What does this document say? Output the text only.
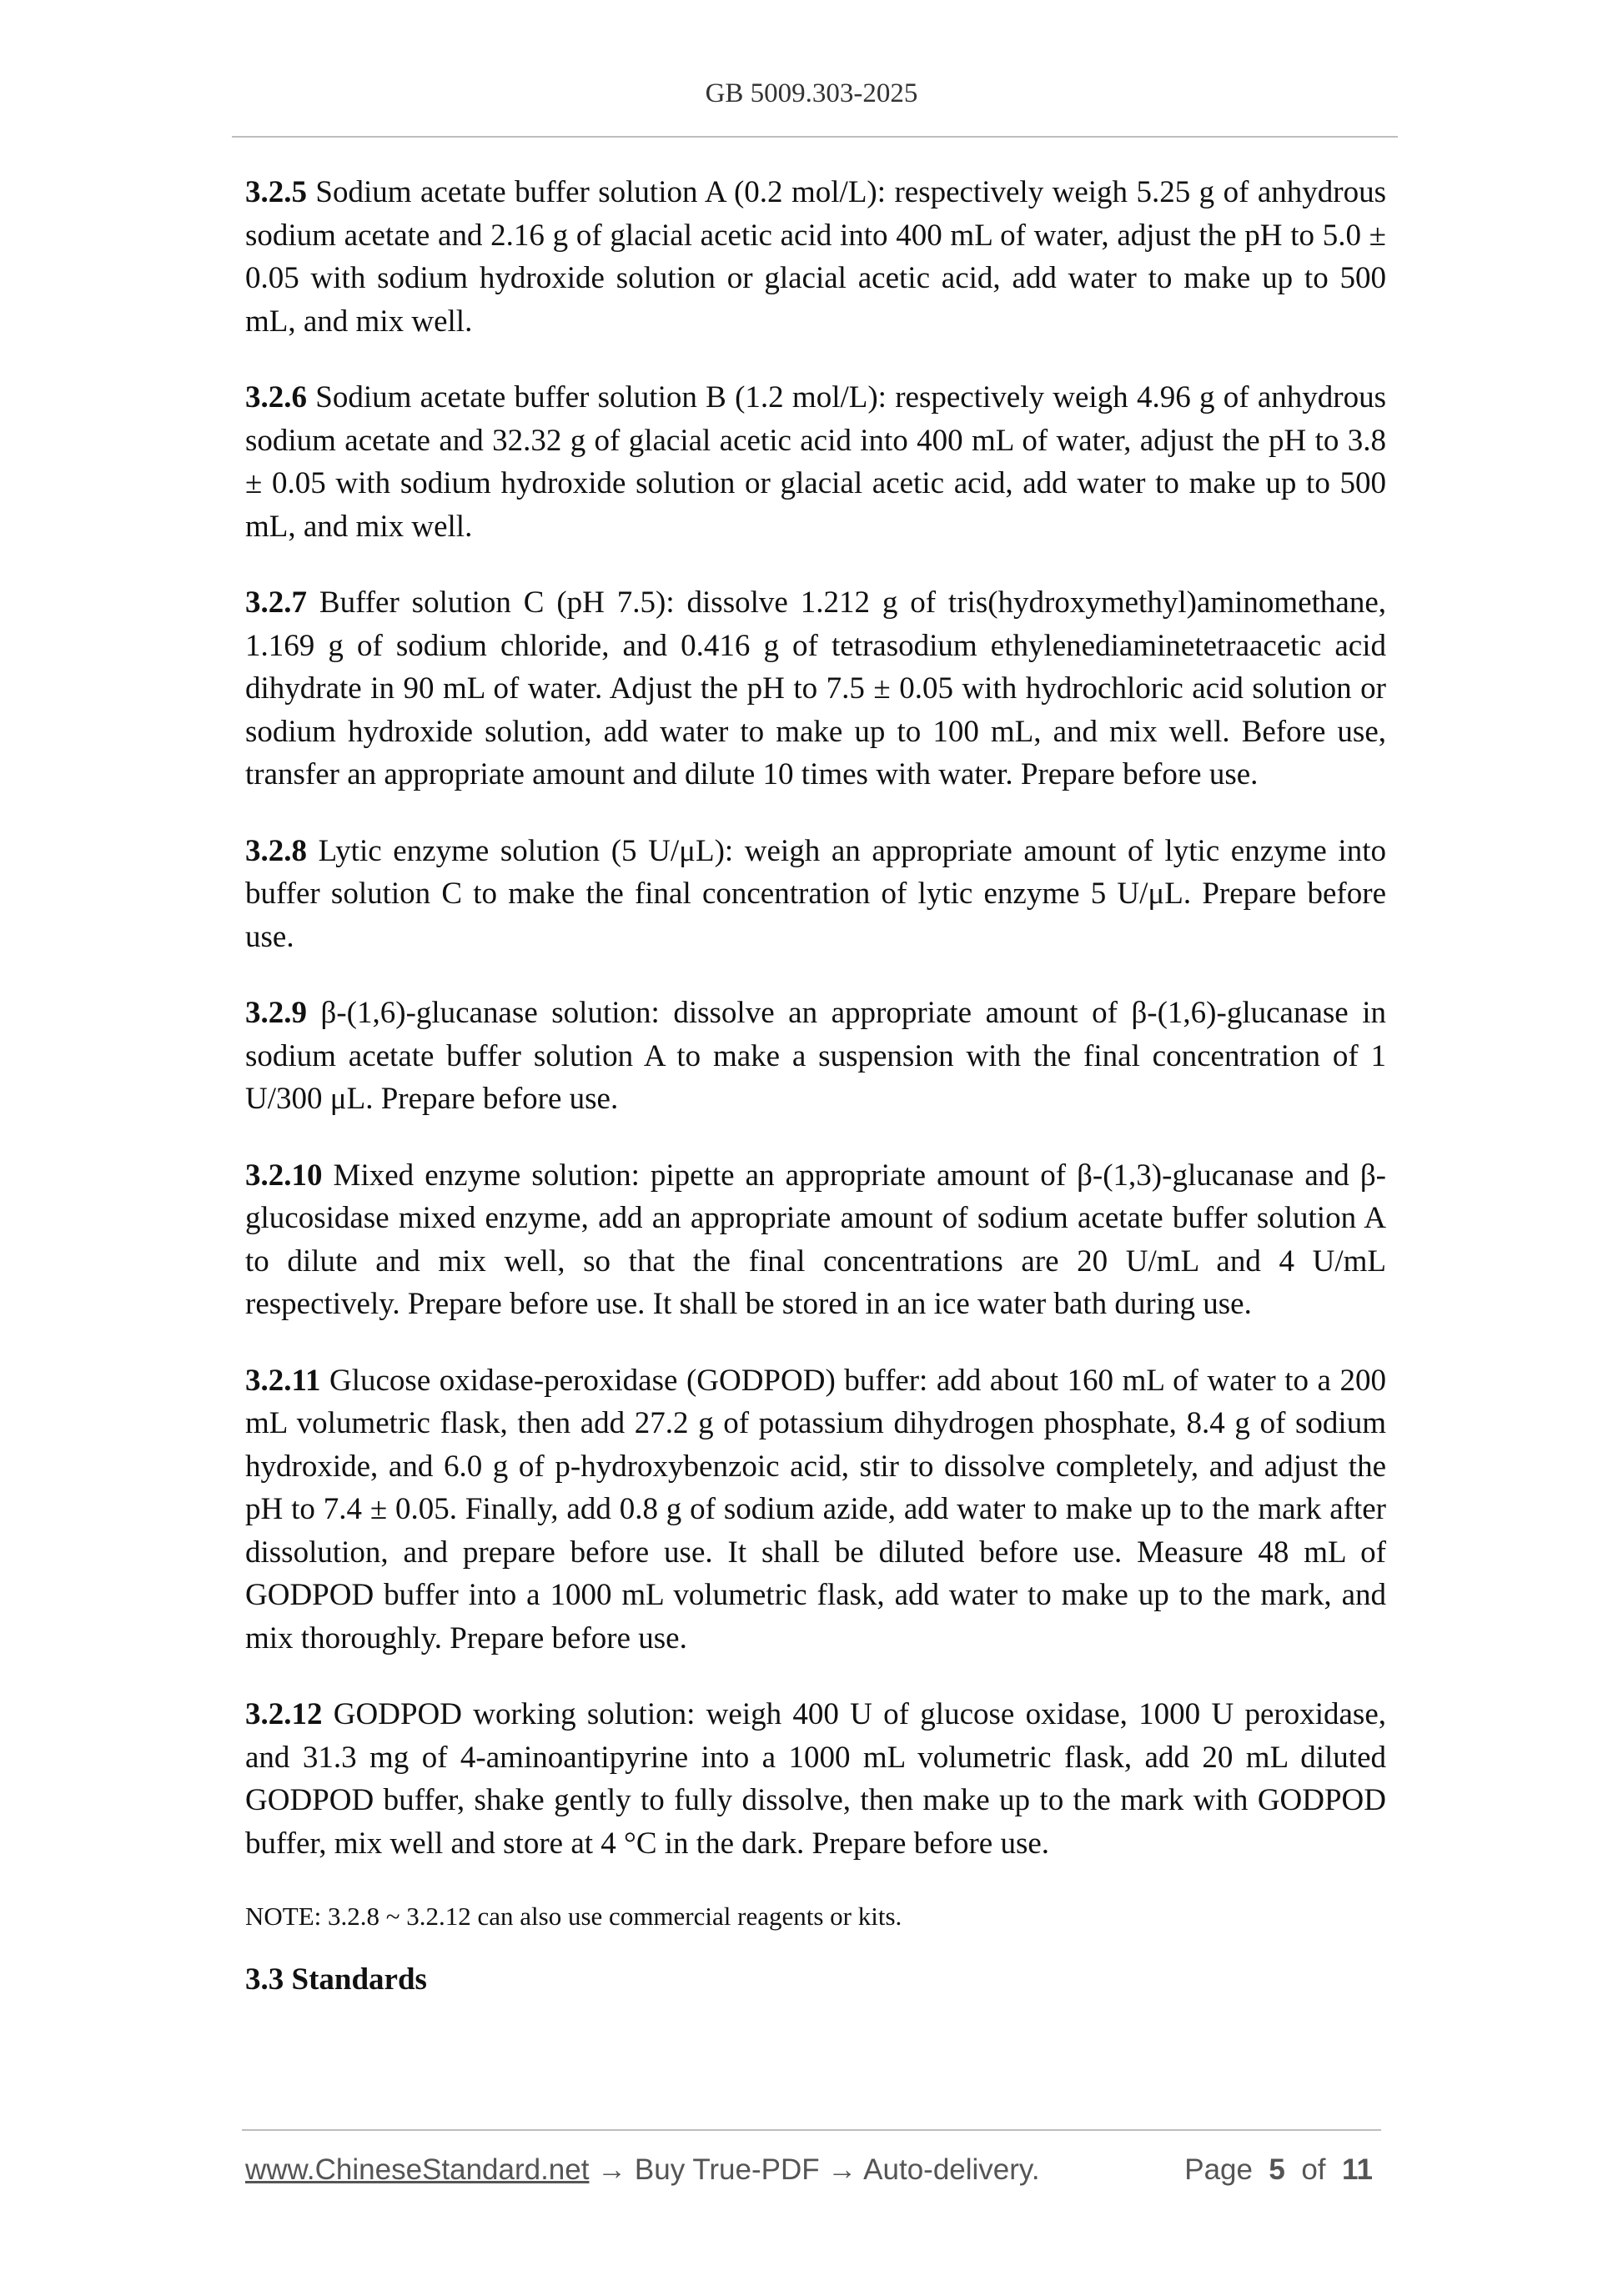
GB 5009.303-2025

3.2.5 Sodium acetate buffer solution A (0.2 mol/L): respectively weigh 5.25 g of anhydrous sodium acetate and 2.16 g of glacial acetic acid into 400 mL of water, adjust the pH to 5.0 ± 0.05 with sodium hydroxide solution or glacial acetic acid, add water to make up to 500 mL, and mix well.

3.2.6 Sodium acetate buffer solution B (1.2 mol/L): respectively weigh 4.96 g of anhydrous sodium acetate and 32.32 g of glacial acetic acid into 400 mL of water, adjust the pH to 3.8 ± 0.05 with sodium hydroxide solution or glacial acetic acid, add water to make up to 500 mL, and mix well.

3.2.7 Buffer solution C (pH 7.5): dissolve 1.212 g of tris(hydroxymethyl)aminomethane, 1.169 g of sodium chloride, and 0.416 g of tetrasodium ethylenediaminetetraacetic acid dihydrate in 90 mL of water. Adjust the pH to 7.5 ± 0.05 with hydrochloric acid solution or sodium hydroxide solution, add water to make up to 100 mL, and mix well. Before use, transfer an appropriate amount and dilute 10 times with water. Prepare before use.

3.2.8 Lytic enzyme solution (5 U/μL): weigh an appropriate amount of lytic enzyme into buffer solution C to make the final concentration of lytic enzyme 5 U/μL. Prepare before use.

3.2.9 β-(1,6)-glucanase solution: dissolve an appropriate amount of β-(1,6)-glucanase in sodium acetate buffer solution A to make a suspension with the final concentration of 1 U/300 μL. Prepare before use.

3.2.10 Mixed enzyme solution: pipette an appropriate amount of β-(1,3)-glucanase and β-glucosidase mixed enzyme, add an appropriate amount of sodium acetate buffer solution A to dilute and mix well, so that the final concentrations are 20 U/mL and 4 U/mL respectively. Prepare before use. It shall be stored in an ice water bath during use.

3.2.11 Glucose oxidase-peroxidase (GODPOD) buffer: add about 160 mL of water to a 200 mL volumetric flask, then add 27.2 g of potassium dihydrogen phosphate, 8.4 g of sodium hydroxide, and 6.0 g of p-hydroxybenzoic acid, stir to dissolve completely, and adjust the pH to 7.4 ± 0.05. Finally, add 0.8 g of sodium azide, add water to make up to the mark after dissolution, and prepare before use. It shall be diluted before use. Measure 48 mL of GODPOD buffer into a 1000 mL volumetric flask, add water to make up to the mark, and mix thoroughly. Prepare before use.

3.2.12 GODPOD working solution: weigh 400 U of glucose oxidase, 1000 U peroxidase, and 31.3 mg of 4-aminoantipyrine into a 1000 mL volumetric flask, add 20 mL diluted GODPOD buffer, shake gently to fully dissolve, then make up to the mark with GODPOD buffer, mix well and store at 4 °C in the dark. Prepare before use.

NOTE: 3.2.8 ~ 3.2.12 can also use commercial reagents or kits.

3.3 Standards

www.ChineseStandard.net → Buy True-PDF → Auto-delivery.	Page 5 of 11
